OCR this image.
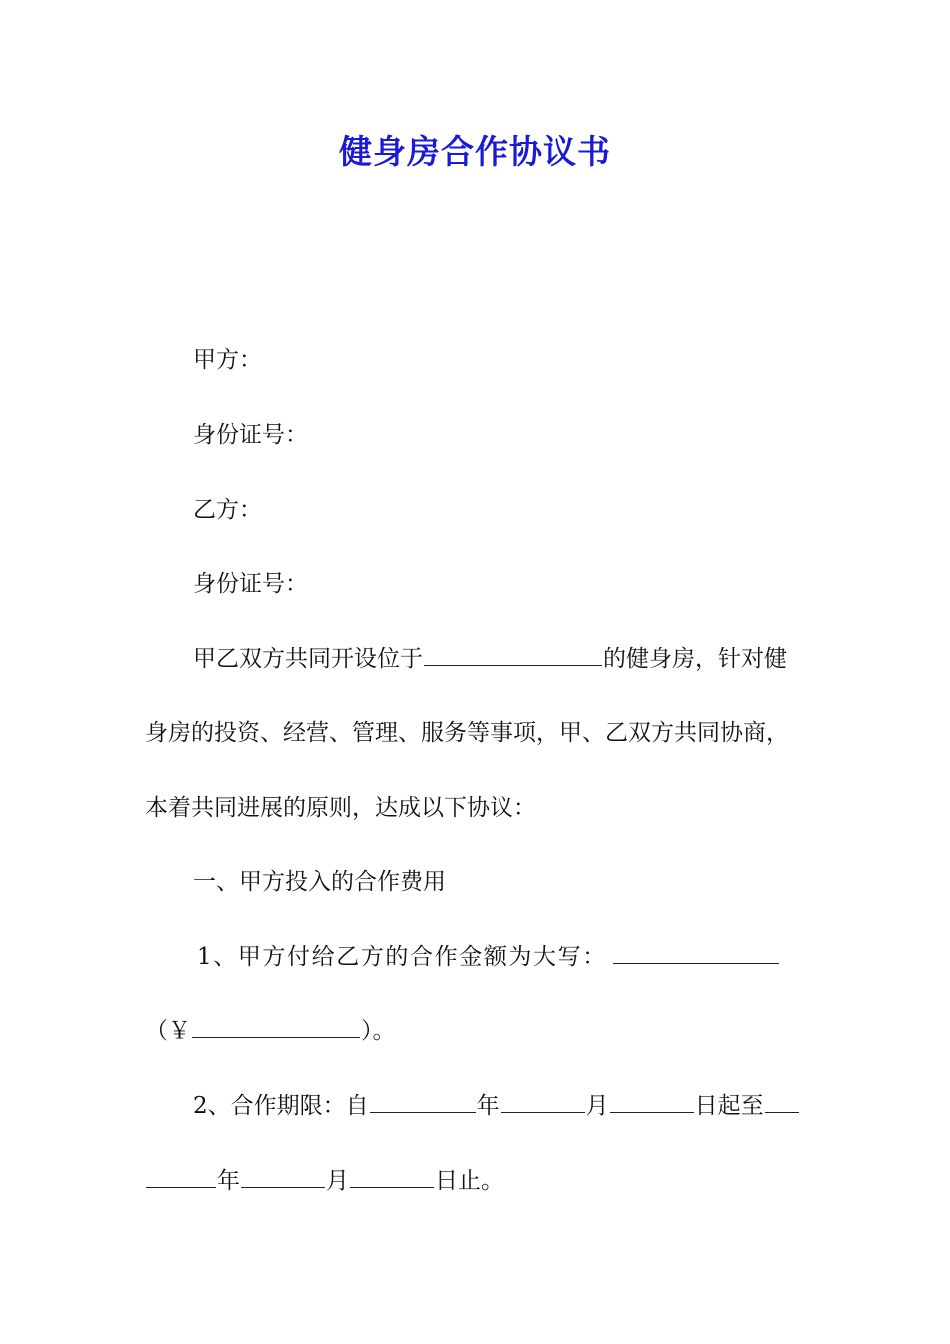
健身房合作协议书
甲方：
身份证号：
乙方：
身份证号：
甲乙双方共同开设位于	的健身房，针对健
身房的投资、经营、管理、服务等事项，甲、乙双方共同协商，
本着共同进展的原则，达成以下协议：
一、甲方投入的合作费用
1、甲方付给乙方的合作金额为大写：
（￥	）。
2、合作期限：自	年	月	日起至
年	月	日止。
